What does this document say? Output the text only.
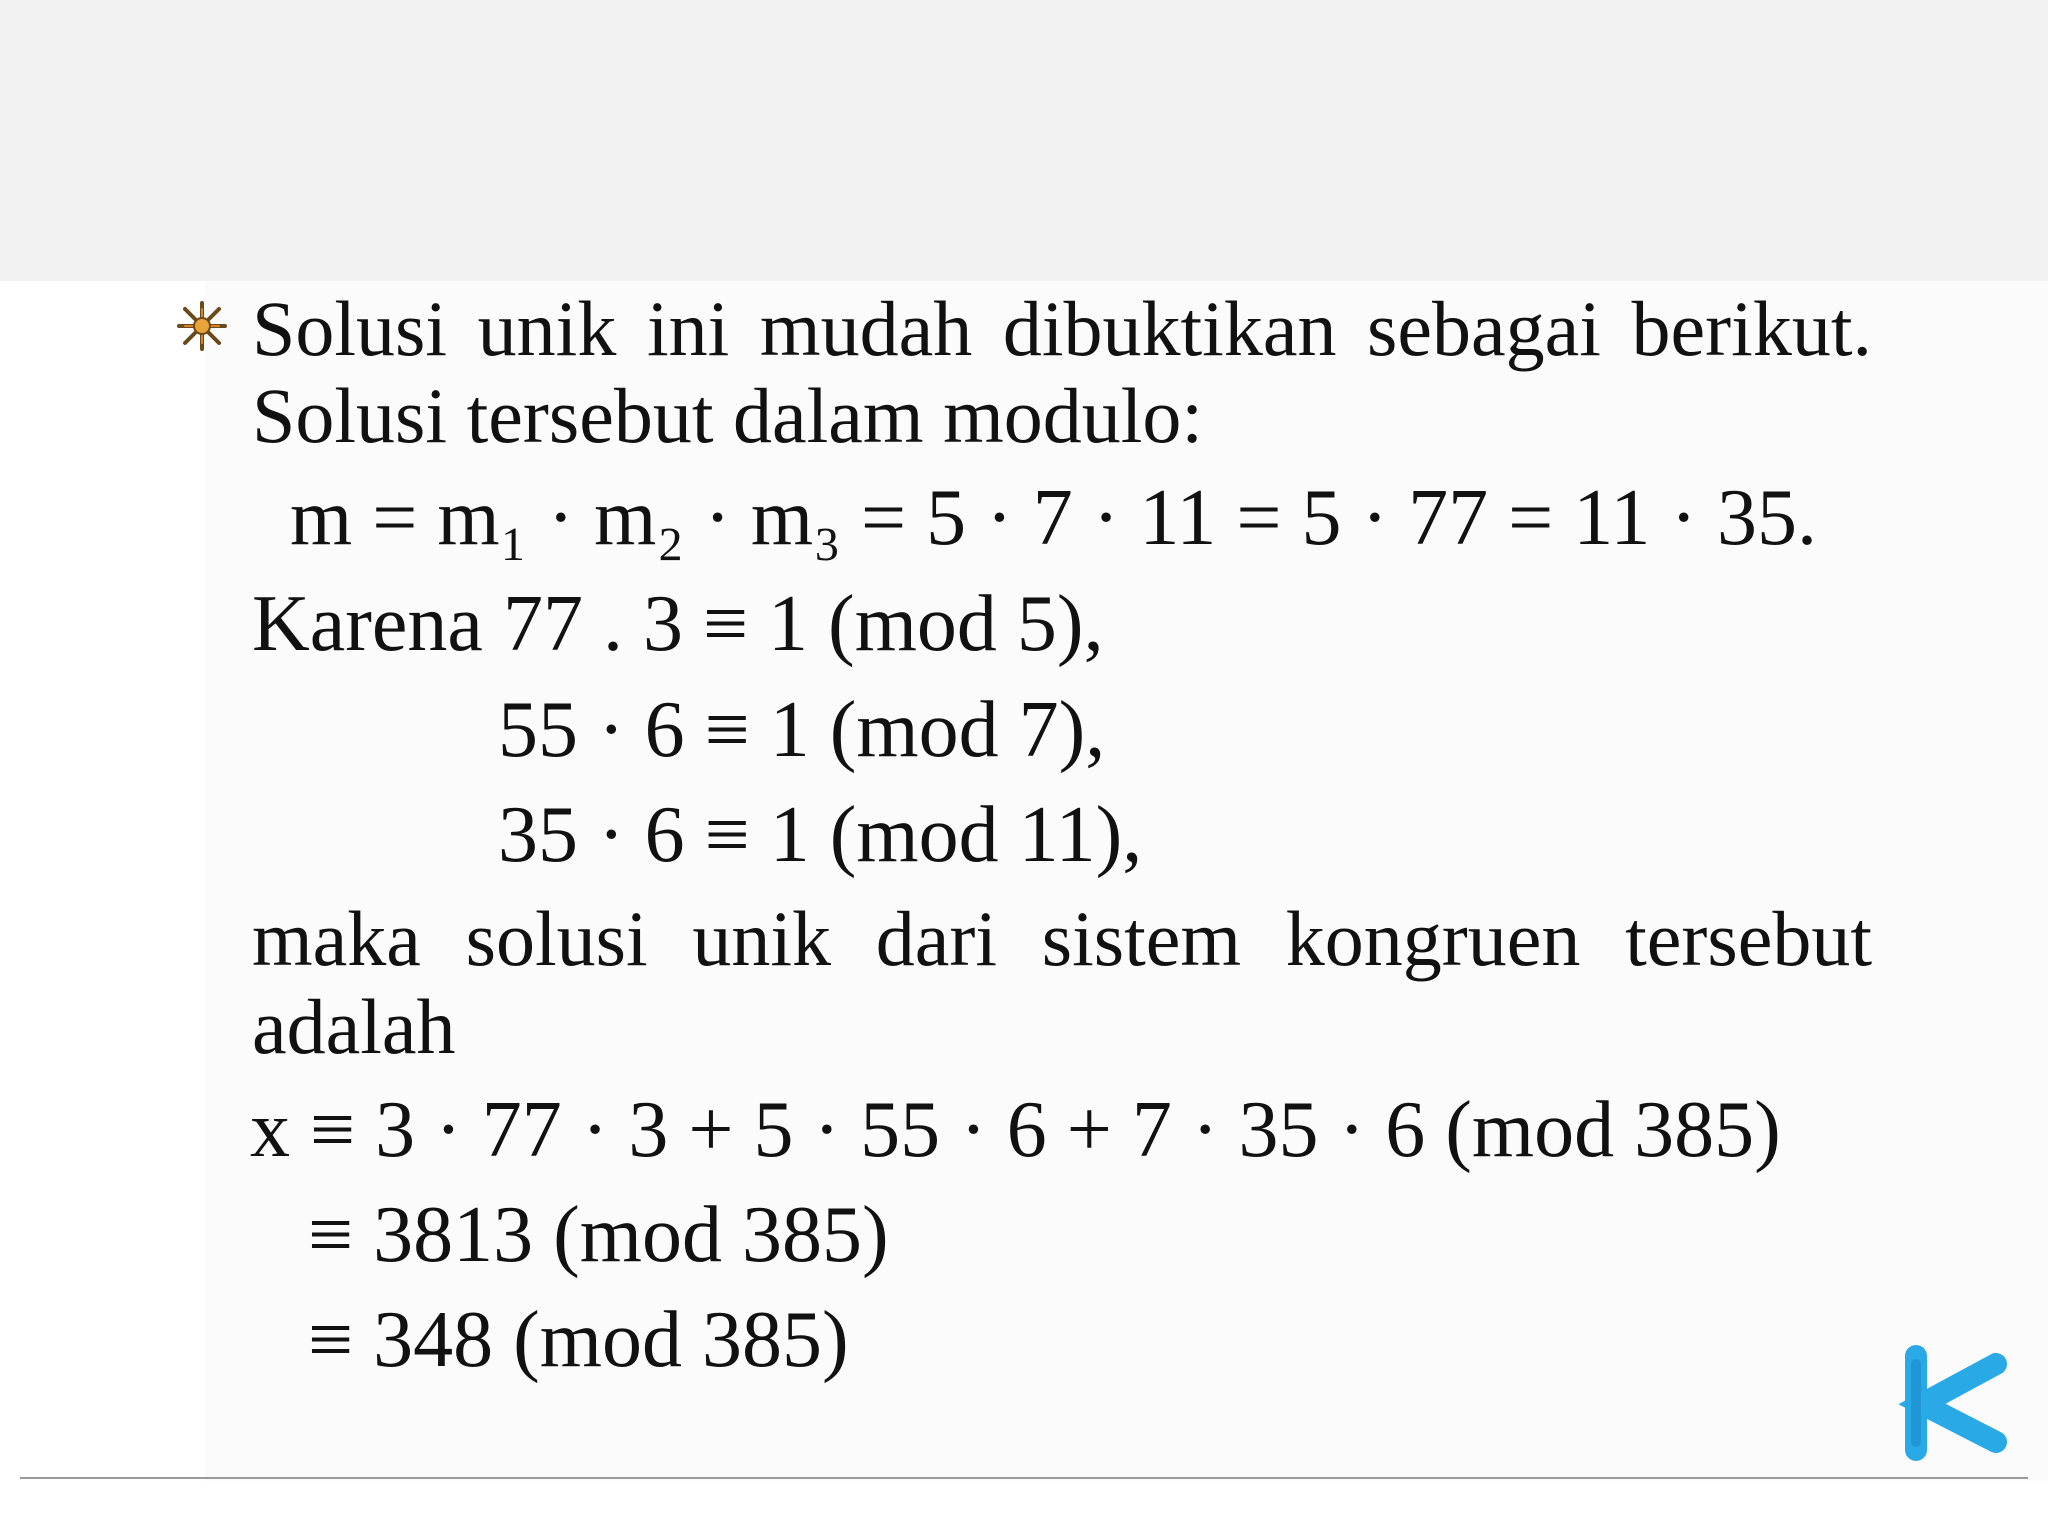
Solusi unik ini mudah dibuktikan sebagai berikut.
Solusi tersebut dalam modulo:
m = m₁ · m₂ · m₃ = 5 · 7 · 11 = 5 · 77 = 11 · 35.
Karena 77 . 3 ≡ 1 (mod 5),
55 · 6 ≡ 1 (mod 7),
35 · 6 ≡ 1 (mod 11),
maka solusi unik dari sistem kongruen tersebut
adalah
x ≡ 3 · 77 · 3 + 5 · 55 · 6 + 7 · 35 · 6 (mod 385)
≡ 3813 (mod 385)
≡ 348 (mod 385)
